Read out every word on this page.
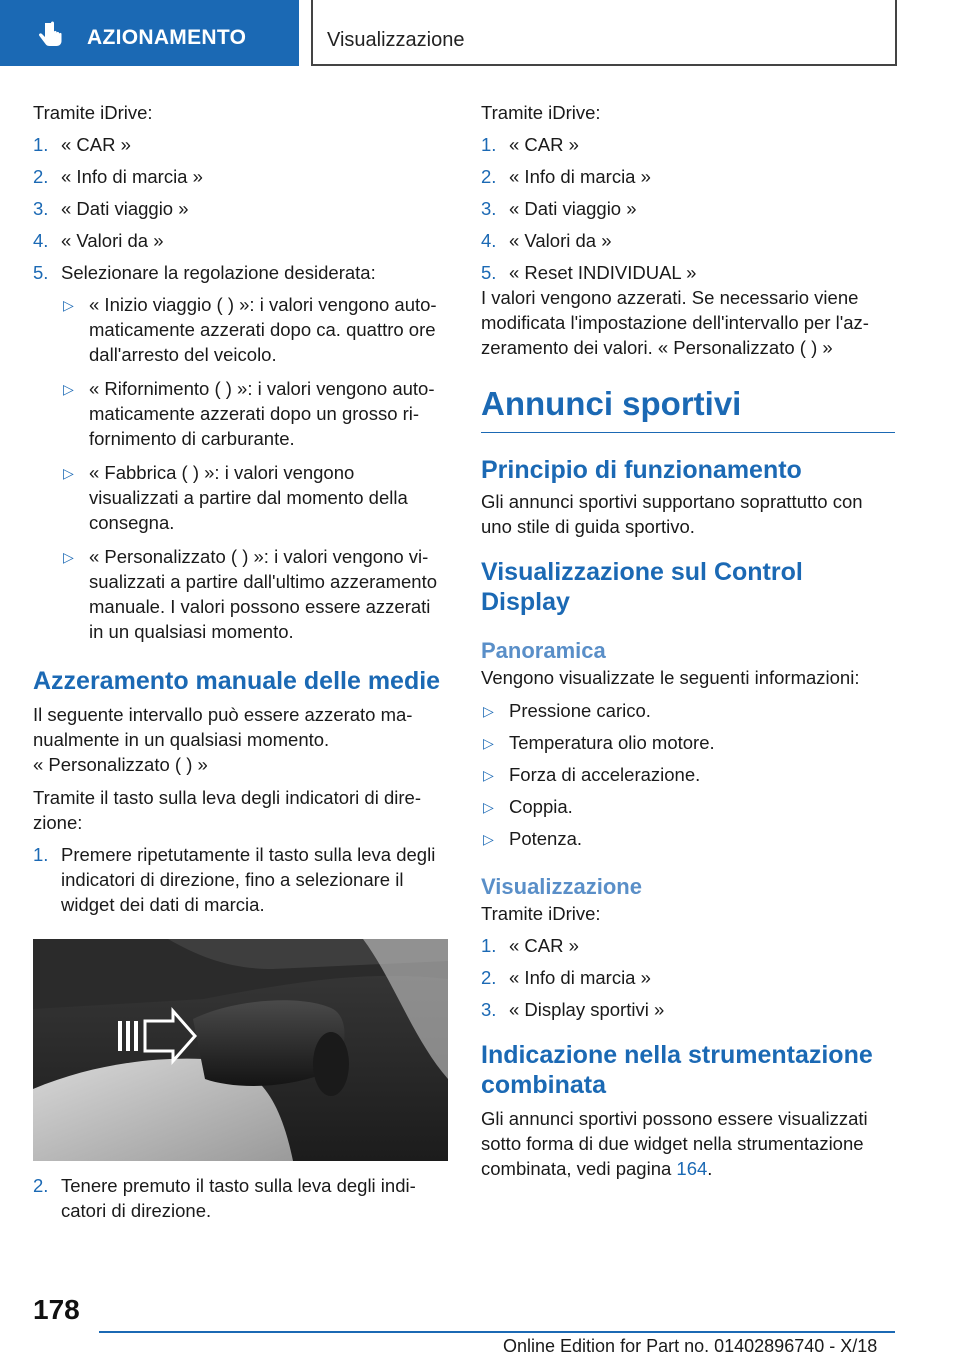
AZIONAMENTO	Visualizzazione
Tramite iDrive:
1. « CAR »
2. « Info di marcia »
3. « Dati viaggio »
4. « Valori da »
5. Selezionare la regolazione desiderata:
▷ « Inizio viaggio ( ) »: i valori vengono auto-maticamente azzerati dopo ca. quattro ore dall'arresto del veicolo.
▷ « Rifornimento ( ) »: i valori vengono auto-maticamente azzerati dopo un grosso ri-fornimento di carburante.
▷ « Fabbrica ( ) »: i valori vengono visualizzati a partire dal momento della consegna.
▷ « Personalizzato ( ) »: i valori vengono vi-sualizzati a partire dall'ultimo azzeramento manuale. I valori possono essere azzerati in un qualsiasi momento.
Azzeramento manuale delle medie
Il seguente intervallo può essere azzerato ma-nualmente in un qualsiasi momento.
« Personalizzato ( ) »
Tramite il tasto sulla leva degli indicatori di dire-zione:
1. Premere ripetutamente il tasto sulla leva degli indicatori di direzione, fino a selezionare il widget dei dati di marcia.
2. Tenere premuto il tasto sulla leva degli indi-catori di direzione.
Tramite iDrive:
1. « CAR »
2. « Info di marcia »
3. « Dati viaggio »
4. « Valori da »
5. « Reset INDIVIDUAL »
I valori vengono azzerati. Se necessario viene modificata l'impostazione dell'intervallo per l'az-zeramento dei valori. « Personalizzato ( ) »
Annunci sportivi
Principio di funzionamento
Gli annunci sportivi supportano soprattutto con uno stile di guida sportivo.
Visualizzazione sul Control Display
Panoramica
Vengono visualizzate le seguenti informazioni:
▷ Pressione carico.
▷ Temperatura olio motore.
▷ Forza di accelerazione.
▷ Coppia.
▷ Potenza.
Visualizzazione
Tramite iDrive:
1. « CAR »
2. « Info di marcia »
3. « Display sportivi »
Indicazione nella strumentazione combinata
Gli annunci sportivi possono essere visualizzati sotto forma di due widget nella strumentazione combinata, vedi pagina 164.
178
Online Edition for Part no. 01402896740 - X/18
